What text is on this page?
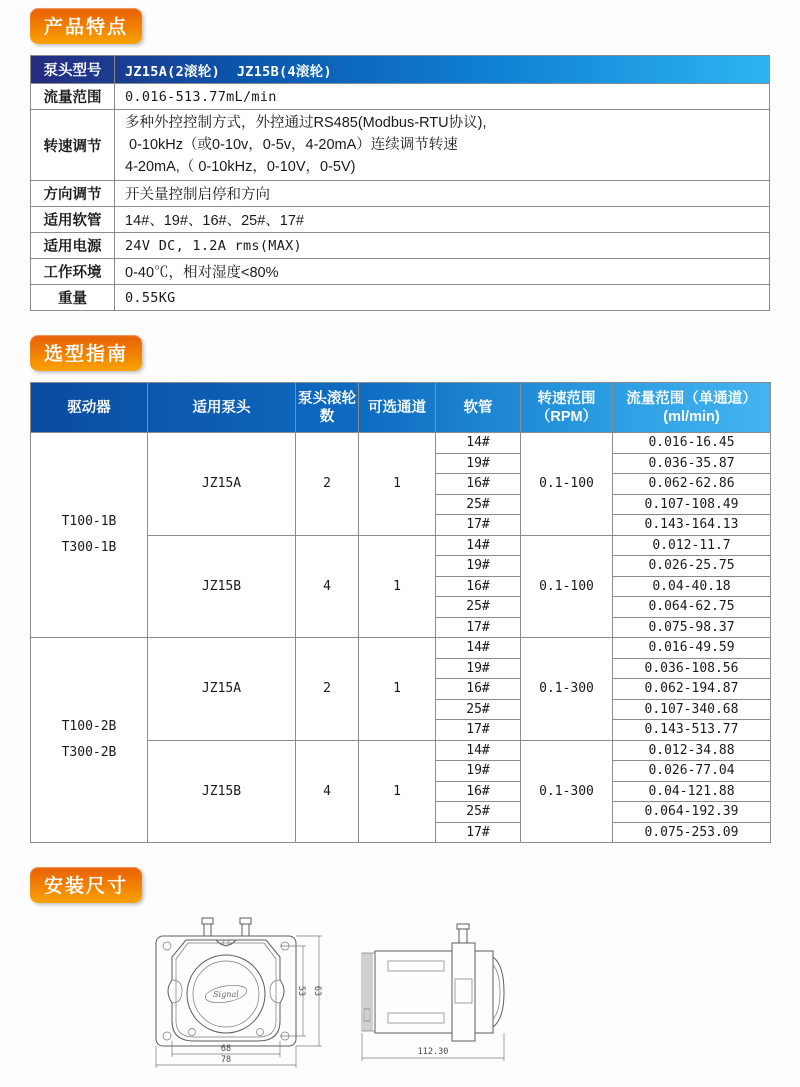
产品特点
泵头型号	JZ15A(2滚轮)  JZ15B(4滚轮)
流量范围	0.016-513.77mL/min
转速调节	多种外控控制方式，外控通过RS485(Modbus-RTU协议),
0-10kHz（或0-10v，0-5v，4-20mA）连续调节转速
4-20mA,（ 0-10kHz，0-10V，0-5V)

方向调节	开关量控制启停和方向
适用软管	14#、19#、16#、25#、17#
适用电源	24V DC, 1.2A rms(MAX)
工作环境	0-40℃，相对湿度<80%
重量	0.55KG
选型指南
驱动器	适用泵头	泵头滚轮数	可选通道	软管	
转速范围
（RPM）

流量范围（单通道）
(ml/min)

T100-1B
T300-1B	JZ15A	2	1	14#	0.1-100	0.016-16.45
				19#		0.036-35.87
				16#		0.062-62.86
				25#		0.107-108.49
				17#		0.143-164.13
	JZ15B	4	1	14#	0.1-100	0.012-11.7
				19#		0.026-25.75
				16#		0.04-40.18
				25#		0.064-62.75
				17#		0.075-98.37

T100-2B
T300-2B	JZ15A	2	1	14#	0.1-300	0.016-49.59
				19#		0.036-108.56
				16#		0.062-194.87
				25#		0.107-340.68
				17#		0.143-513.77
	JZ15B	4	1	14#	0.1-300	0.012-34.88
				19#		0.026-77.04
				16#		0.04-121.88
				25#		0.064-192.39
				17#		0.075-253.09
安装尺寸
Signal	53 63
68
78
112.30
